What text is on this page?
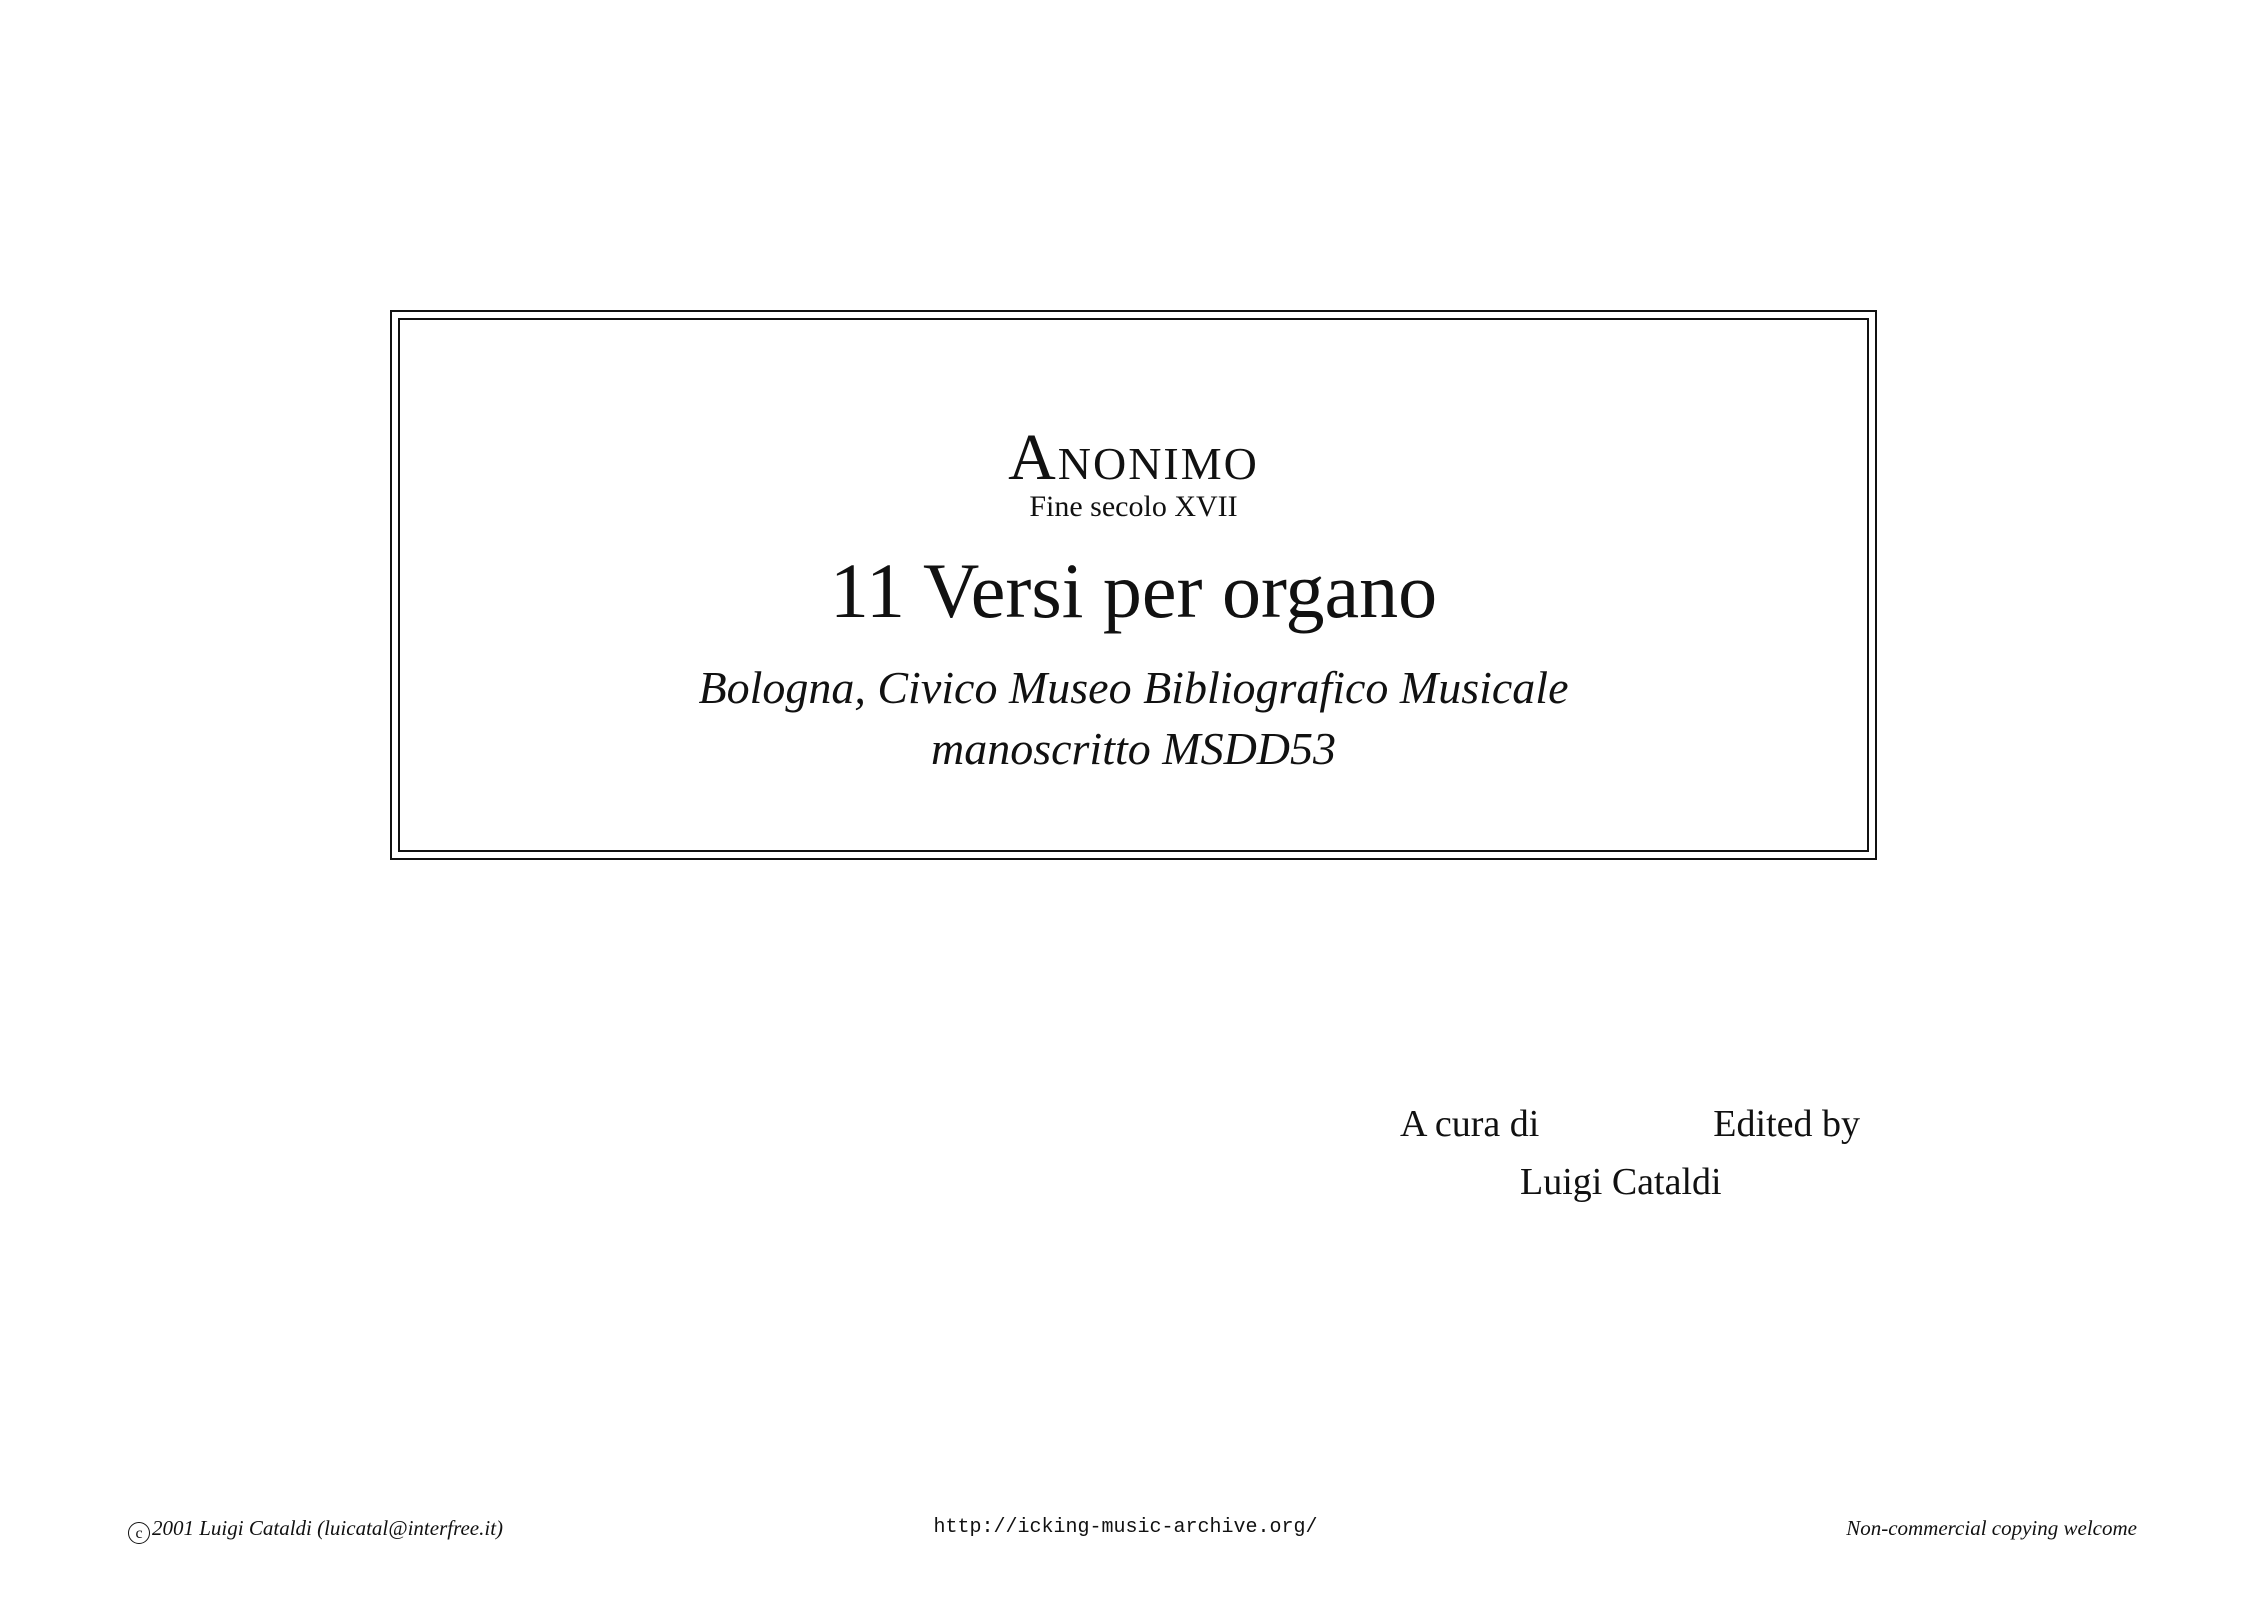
Anonimo
Fine secolo XVII
11 Versi per organo
Bologna, Civico Museo Bibliografico Musicale
manoscritto MSDD53
A cura di	Edited by
Luigi Cataldi
c 2001 Luigi Cataldi (luicatal@interfree.it)	http://icking-music-archive.org/	Non-commercial copying welcome
